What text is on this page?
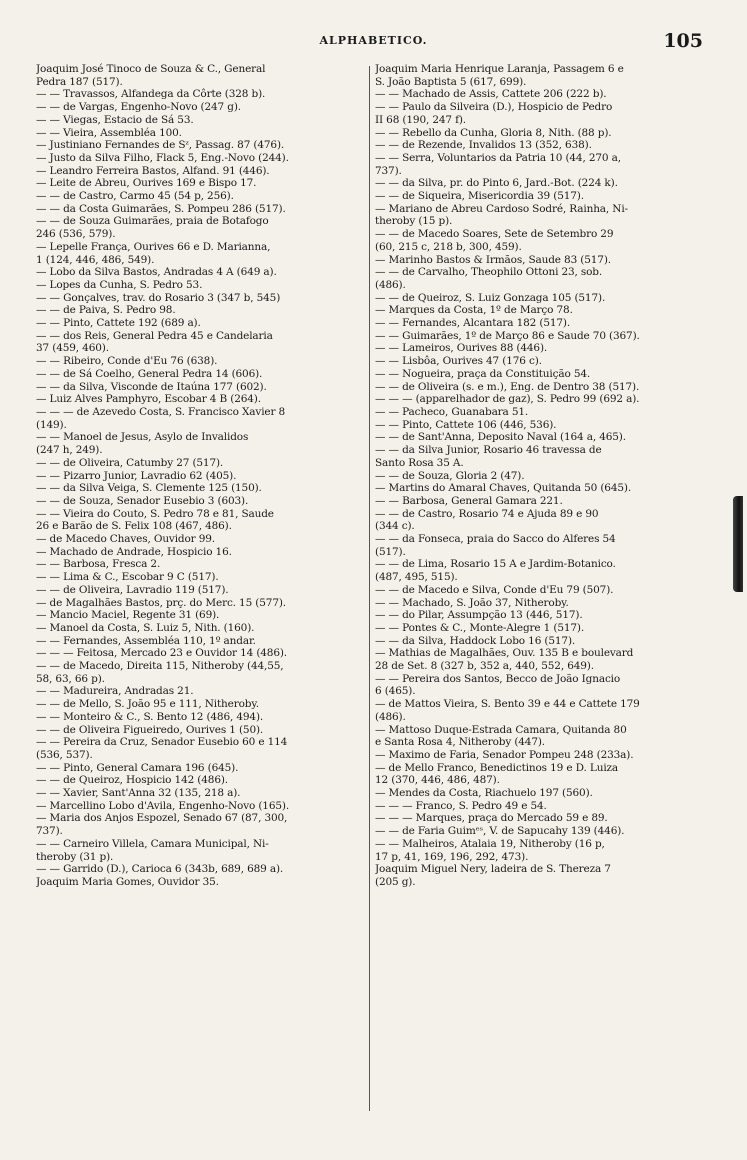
ALPHABETICO.	105
Joaquim José Tinoco de Souza & C., General
Pedra 187 (517).
— — Travassos, Alfandega da Côrte (328 b).
— — de Vargas, Engenho-Novo (247 g).
— — Viegas, Estacio de Sá 53.
— — Vieira, Assembléa 100.
— Justiniano Fernandes de Sᶻ, Passag. 87 (476).
— Justo da Silva Filho, Flack 5, Eng.-Novo (244).
— Leandro Ferreira Bastos, Alfand. 91 (446).
— Leite de Abreu, Ourives 169 e Bispo 17.
— — de Castro, Carmo 45 (54 p, 256).
— — da Costa Guimarães, S. Pompeu 286 (517).
— — de Souza Guimarães, praia de Botafogo
246 (536, 579).
— Lepelle França, Ourives 66 e D. Marianna,
1 (124, 446, 486, 549).
— Lobo da Silva Bastos, Andradas 4 A (649 a).
— Lopes da Cunha, S. Pedro 53.
— — Gonçalves, trav. do Rosario 3 (347 b, 545)
— — de Paiva, S. Pedro 98.
— — Pinto, Cattete 192 (689 a).
— — dos Reis, General Pedra 45 e Candelaria
37 (459, 460).
— — Ribeiro, Conde d'Eu 76 (638).
— — de Sá Coelho, General Pedra 14 (606).
— — da Silva, Visconde de Itaúna 177 (602).
— Luiz Alves Pamphyro, Escobar 4 B (264).
— — — de Azevedo Costa, S. Francisco Xavier 8
(149).
— — Manoel de Jesus, Asylo de Invalidos
(247 h, 249).
— — de Oliveira, Catumby 27 (517).
— — Pizarro Junior, Lavradio 62 (405).
— — da Silva Veiga, S. Clemente 125 (150).
— — de Souza, Senador Eusebio 3 (603).
— — Vieira do Couto, S. Pedro 78 e 81, Saude
26 e Barão de S. Felix 108 (467, 486).
— de Macedo Chaves, Ouvidor 99.
— Machado de Andrade, Hospicio 16.
— — Barbosa, Fresca 2.
— — Lima & C., Escobar 9 C (517).
— — de Oliveira, Lavradio 119 (517).
— de Magalhães Bastos, prç. do Merc. 15 (577).
— Mancio Maciel, Regente 31 (69).
— Manoel da Costa, S. Luiz 5, Nith. (160).
— — Fernandes, Assembléa 110, 1º andar.
— — — Feitosa, Mercado 23 e Ouvidor 14 (486).
— — de Macedo, Direita 115, Nitheroby (44,55,
58, 63, 66 p).
— — Madureira, Andradas 21.
— — de Mello, S. João 95 e 111, Nitheroby.
— — Monteiro & C., S. Bento 12 (486, 494).
— — de Oliveira Figueiredo, Ourives 1 (50).
— — Pereira da Cruz, Senador Eusebio 60 e 114
(536, 537).
— — Pinto, General Camara 196 (645).
— — de Queiroz, Hospicio 142 (486).
— — Xavier, Sant'Anna 32 (135, 218 a).
— Marcellino Lobo d'Avila, Engenho-Novo (165).
— Maria dos Anjos Espozel, Senado 67 (87, 300,
737).
— — Carneiro Villela, Camara Municipal, Ni-
theroby (31 p).
— — Garrido (D.), Carioca 6 (343b, 689, 689 a).
Joaquim Maria Gomes, Ouvidor 35.
Joaquim Maria Henrique Laranja, Passagem 6 e
S. João Baptista 5 (617, 699).
— — Machado de Assis, Cattete 206 (222 b).
— — Paulo da Silveira (D.), Hospicio de Pedro
II 68 (190, 247 f).
— — Rebello da Cunha, Gloria 8, Nith. (88 p).
— — de Rezende, Invalidos 13 (352, 638).
— — Serra, Voluntarios da Patria 10 (44, 270 a,
737).
— — da Silva, pr. do Pinto 6, Jard.-Bot. (224 k).
— — de Siqueira, Misericordia 39 (517).
— Mariano de Abreu Cardoso Sodré, Rainha, Ni-
theroby (15 p).
— — de Macedo Soares, Sete de Setembro 29
(60, 215 c, 218 b, 300, 459).
— Marinho Bastos & Irmãos, Saude 83 (517).
— — de Carvalho, Theophilo Ottoni 23, sob.
(486).
— — de Queiroz, S. Luiz Gonzaga 105 (517).
— Marques da Costa, 1º de Março 78.
— — Fernandes, Alcantara 182 (517).
— — Guimarães, 1º de Março 86 e Saude 70 (367).
— — Lameiros, Ourives 88 (446).
— — Lisbôa, Ourives 47 (176 c).
— — Nogueira, praça da Constituição 54.
— — de Oliveira (s. e m.), Eng. de Dentro 38 (517).
— — — (apparelhador de gaz), S. Pedro 99 (692 a).
— — Pacheco, Guanabara 51.
— — Pinto, Cattete 106 (446, 536).
— — de Sant'Anna, Deposito Naval (164 a, 465).
— — da Silva Junior, Rosario 46 travessa de
Santo Rosa 35 A.
— — de Souza, Gloria 2 (47).
— Martins do Amaral Chaves, Quitanda 50 (645).
— — Barbosa, General Gamara 221.
— — de Castro, Rosario 74 e Ajuda 89 e 90
(344 c).
— — da Fonseca, praia do Sacco do Alferes 54
(517).
— — de Lima, Rosario 15 A e Jardim-Botanico.
(487, 495, 515).
— — de Macedo e Silva, Conde d'Eu 79 (507).
— — Machado, S. João 37, Nitheroby.
— — do Pilar, Assumpção 13 (446, 517).
— — Pontes & C., Monte-Alegre 1 (517).
— — da Silva, Haddock Lobo 16 (517).
— Mathias de Magalhães, Ouv. 135 B e boulevard
28 de Set. 8 (327 b, 352 a, 440, 552, 649).
— — Pereira dos Santos, Becco de João Ignacio
6 (465).
— de Mattos Vieira, S. Bento 39 e 44 e Cattete 179
(486).
— Mattoso Duque-Estrada Camara, Quitanda 80
e Santa Rosa 4, Nitheroby (447).
— Maximo de Faria, Senador Pompeu 248 (233a).
— de Mello Franco, Benedictinos 19 e D. Luiza
12 (370, 446, 486, 487).
— Mendes da Costa, Riachuelo 197 (560).
— — — Franco, S. Pedro 49 e 54.
— — — Marques, praça do Mercado 59 e 89.
— — de Faria Guimᵉˢ, V. de Sapucahy 139 (446).
— — Malheiros, Atalaia 19, Nitheroby (16 p,
17 p, 41, 169, 196, 292, 473).
Joaquim Miguel Nery, ladeira de S. Thereza 7
(205 g).
